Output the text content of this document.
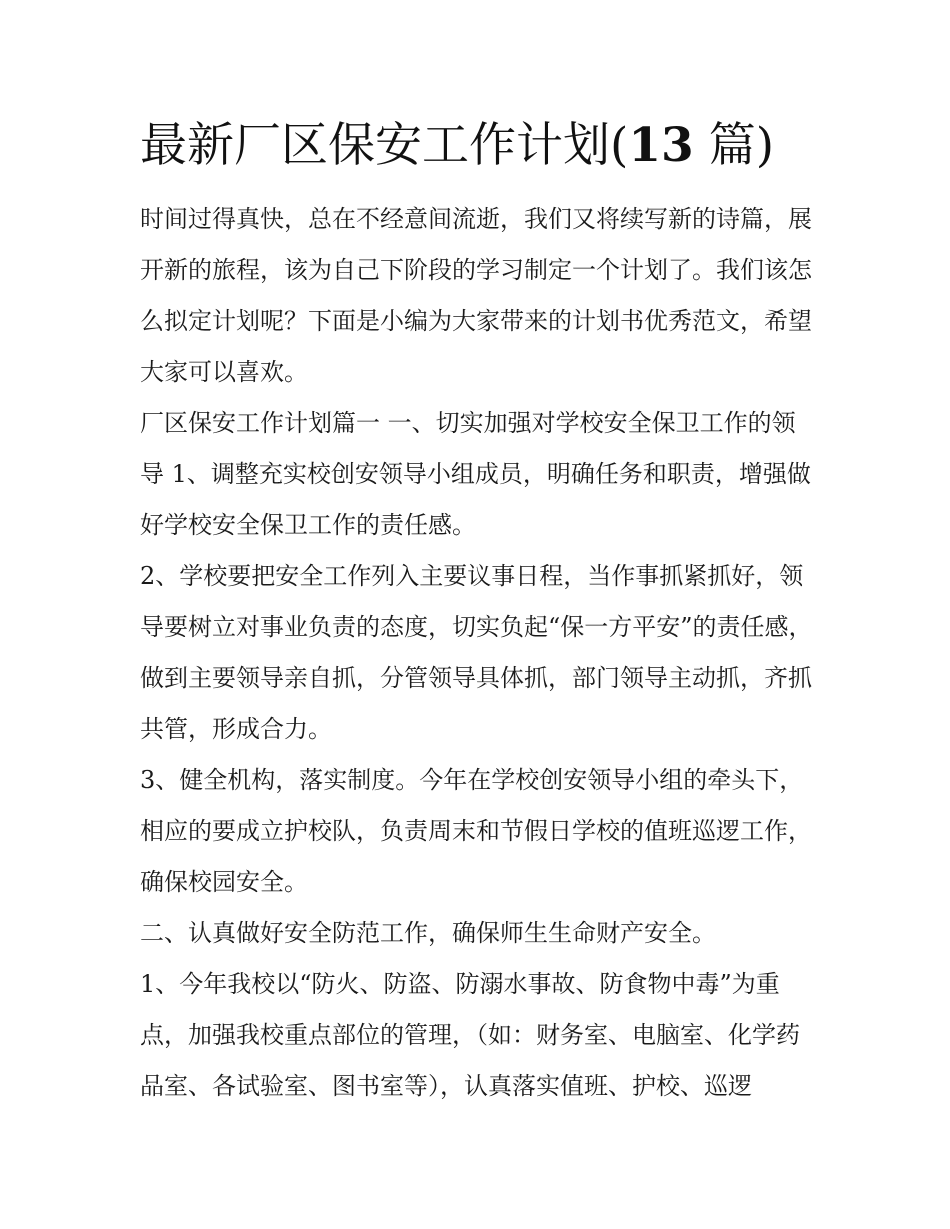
最新厂区保安工作计划(13 篇)

时间过得真快，总在不经意间流逝，我们又将续写新的诗篇，展开新的旅程，该为自己下阶段的学习制定一个计划了。我们该怎么拟定计划呢？下面是小编为大家带来的计划书优秀范文，希望大家可以喜欢。

厂区保安工作计划篇一 一、切实加强对学校安全保卫工作的领导 1、调整充实校创安领导小组成员，明确任务和职责，增强做好学校安全保卫工作的责任感。

2、学校要把安全工作列入主要议事日程，当作事抓紧抓好，领导要树立对事业负责的态度，切实负起“保一方平安”的责任感，做到主要领导亲自抓，分管领导具体抓，部门领导主动抓，齐抓共管，形成合力。

3、健全机构，落实制度。今年在学校创安领导小组的牵头下，相应的要成立护校队，负责周末和节假日学校的值班巡逻工作，确保校园安全。

二、认真做好安全防范工作，确保师生生命财产安全。

1、今年我校以“防火、防盗、防溺水事故、防食物中毒”为重点，加强我校重点部位的管理，（如：财务室、电脑室、化学药品室、各试验室、图书室等），认真落实值班、护校、巡逻
